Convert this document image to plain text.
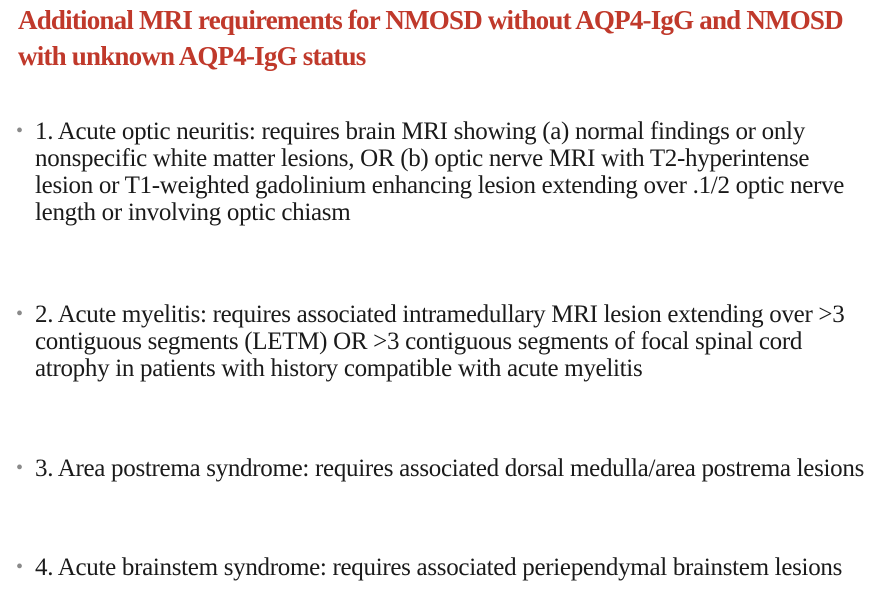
Additional MRI requirements for NMOSD without AQP4-IgG and NMOSD with unknown AQP4-IgG status
• 1. Acute optic neuritis: requires brain MRI showing (a) normal findings or only nonspecific white matter lesions, OR (b) optic nerve MRI with T2-hyperintense lesion or T1-weighted gadolinium enhancing lesion extending over .1/2 optic nerve length or involving optic chiasm
• 2. Acute myelitis: requires associated intramedullary MRI lesion extending over >3 contiguous segments (LETM) OR >3 contiguous segments of focal spinal cord atrophy in patients with history compatible with acute myelitis
• 3. Area postrema syndrome: requires associated dorsal medulla/area postrema lesions
• 4. Acute brainstem syndrome: requires associated periependymal brainstem lesions
